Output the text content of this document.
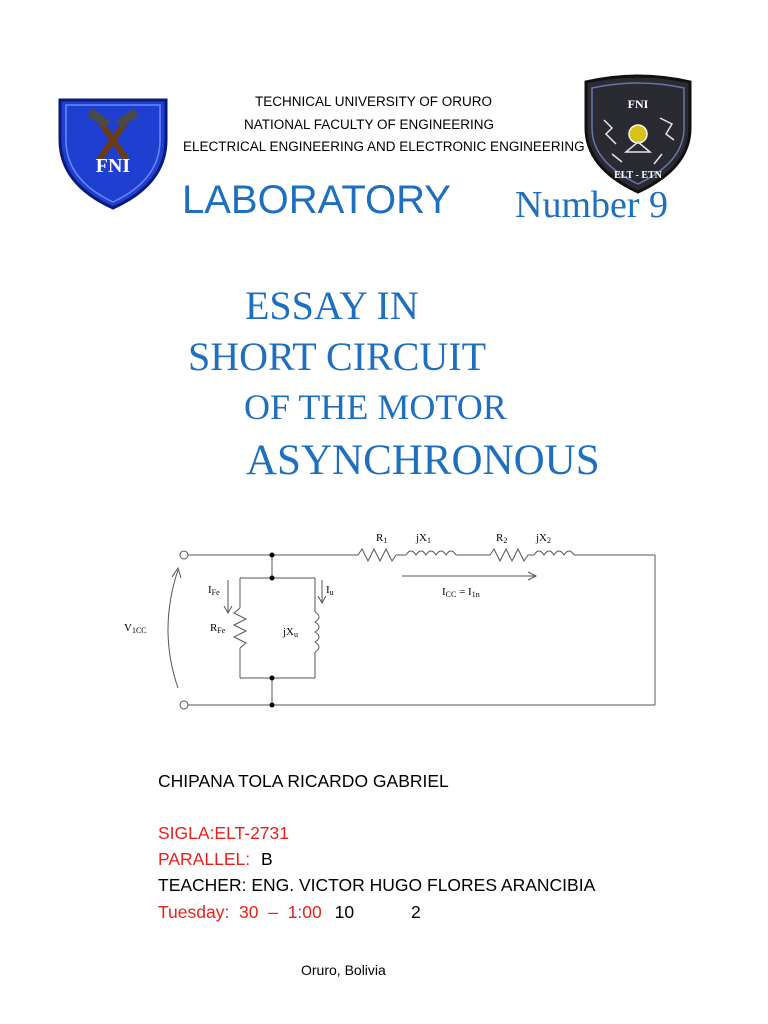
FNI
FNI
ELT - ETN
TECHNICAL UNIVERSITY OF ORURO
NATIONAL FACULTY OF ENGINEERING
ELECTRICAL ENGINEERING AND ELECTRONIC ENGINEERING
LABORATORY Number 9
ESSAY IN
SHORT CIRCUIT
OF THE MOTOR
ASYNCHRONOUS
R1	jX1	R2	jX2
IFe	Iu	ICC = I1n
V1CC	RFe	jXu
CHIPANA TOLA RICARDO GABRIEL
SIGLA:ELT-2731
PARALLEL: B
TEACHER: ENG. VICTOR HUGO FLORES ARANCIBIA
Tuesday:  30  –  1:00 10	2
Oruro, Bolivia
